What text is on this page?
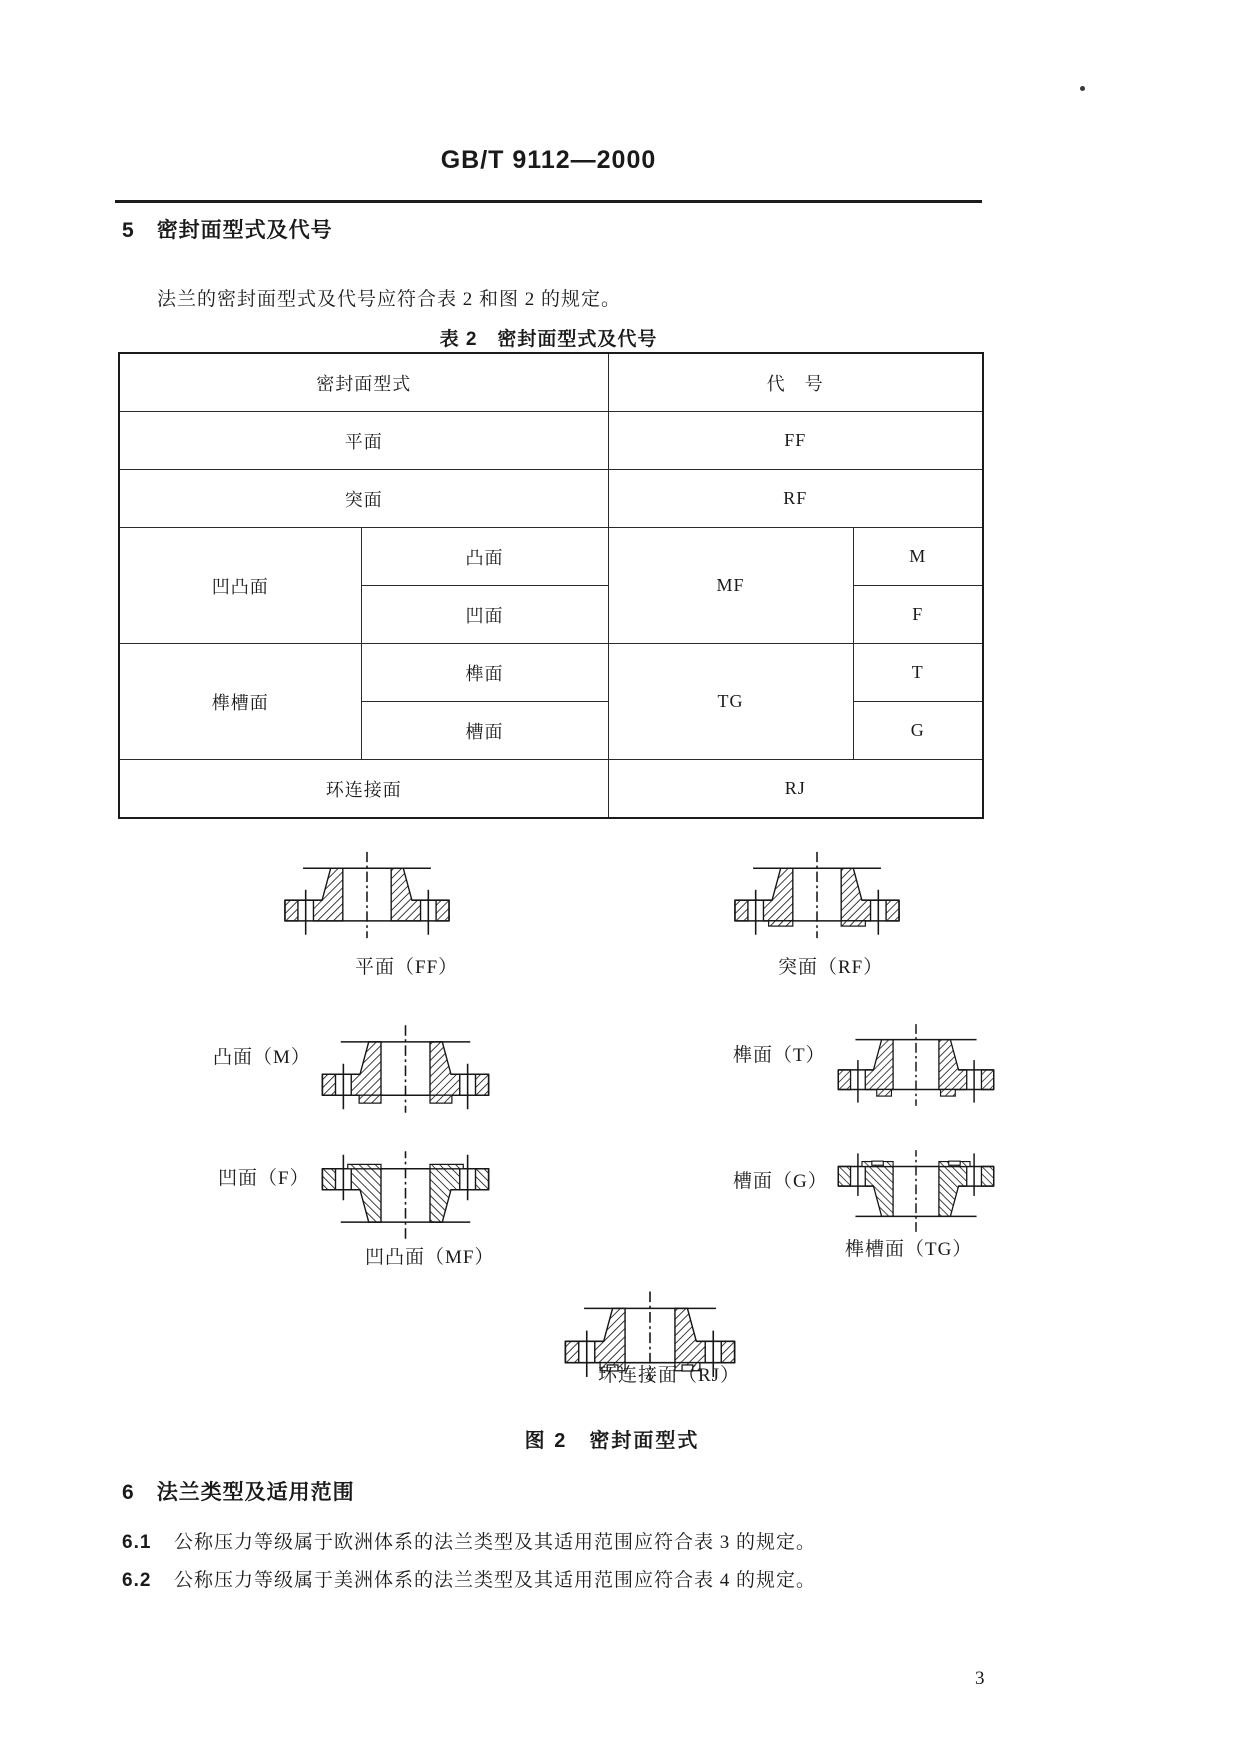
GB/T 9112—2000
5 密封面型式及代号
法兰的密封面型式及代号应符合表 2 和图 2 的规定。
表 2　密封面型式及代号
密封面型式		代　号	
平面		FF	
突面		RF	
凹凸面	凸面	MF	M
	凹面		F
榫槽面	榫面	TG	T
	槽面		G
环连接面		RJ	
平面（FF）	突面（RF）
凸面（M）	榫面（T）
凹面（F）	槽面（G）
凹凸面（MF）	榫槽面（TG）
环连接面（RJ）
图 2　密封面型式
6 法兰类型及适用范围
6.1 公称压力等级属于欧洲体系的法兰类型及其适用范围应符合表 3 的规定。
6.2 公称压力等级属于美洲体系的法兰类型及其适用范围应符合表 4 的规定。
3
